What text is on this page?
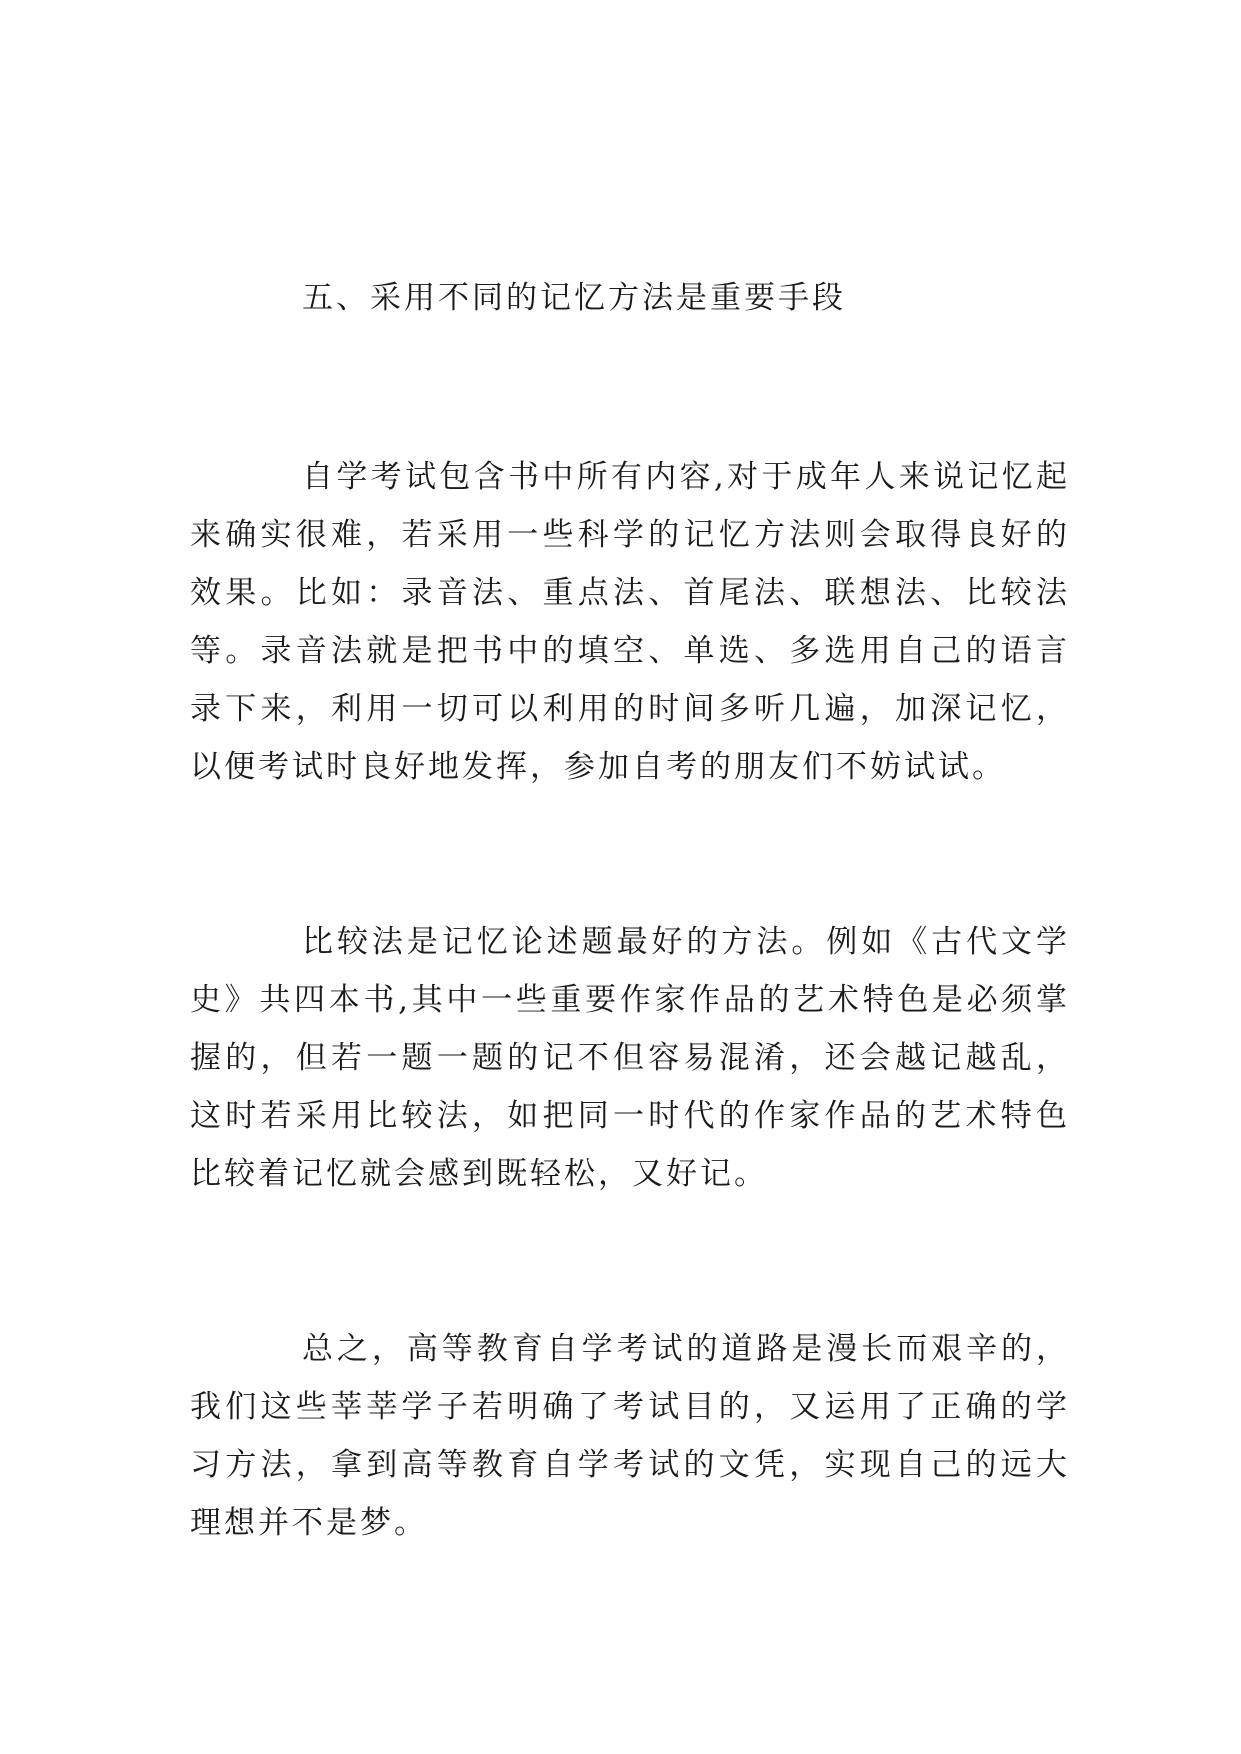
五、采用不同的记忆方法是重要手段

自学考试包含书中所有内容,对于成年人来说记忆起来确实很难，若采用一些科学的记忆方法则会取得良好的效果。比如：录音法、重点法、首尾法、联想法、比较法等。录音法就是把书中的填空、单选、多选用自己的语言录下来，利用一切可以利用的时间多听几遍，加深记忆，以便考试时良好地发挥，参加自考的朋友们不妨试试。

比较法是记忆论述题最好的方法。例如《古代文学史》共四本书,其中一些重要作家作品的艺术特色是必须掌握的，但若一题一题的记不但容易混淆，还会越记越乱，这时若采用比较法，如把同一时代的作家作品的艺术特色比较着记忆就会感到既轻松，又好记。

总之，高等教育自学考试的道路是漫长而艰辛的，我们这些莘莘学子若明确了考试目的，又运用了正确的学习方法，拿到高等教育自学考试的文凭，实现自己的远大理想并不是梦。
